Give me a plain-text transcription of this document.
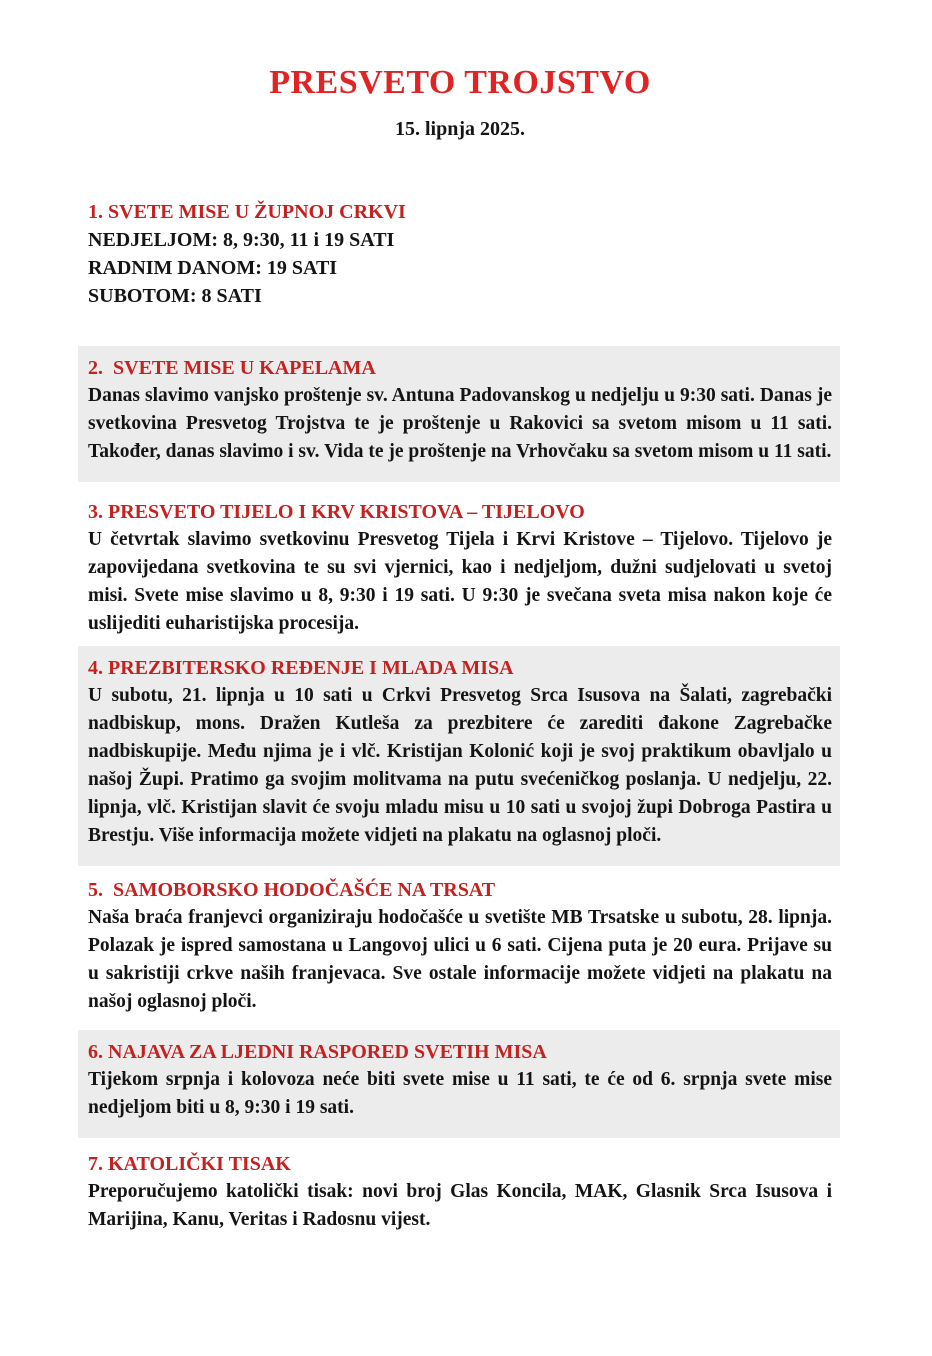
PRESVETO TROJSTVO
15. lipnja 2025.
1. SVETE MISE U ŽUPNOJ CRKVI
NEDJELJOM: 8, 9:30, 11 i 19 SATI
RADNIM DANOM: 19 SATI
SUBOTOM: 8 SATI
2.  SVETE MISE U KAPELAMA

Danas slavimo vanjsko proštenje sv. Antuna Padovanskog u nedjelju u 9:30 sati. Danas je svetkovina Presvetog Trojstva te je proštenje u Rakovici sa svetom misom u 11 sati. Također, danas slavimo i sv. Vida te je proštenje na Vrhovčaku sa svetom misom u 11 sati.

3. PRESVETO TIJELO I KRV KRISTOVA – TIJELOVO

U četvrtak slavimo svetkovinu Presvetog Tijela i Krvi Kristove – Tijelovo. Tijelovo je zapovijedana svetkovina te su svi vjernici, kao i nedjeljom, dužni sudjelovati u svetoj misi. Svete mise slavimo u 8, 9:30 i 19 sati. U 9:30 je svečana sveta misa nakon koje će uslijediti euharistijska procesija.

4. PREZBITERSKO REĐENJE I MLADA MISA

U subotu, 21. lipnja u 10 sati u Crkvi Presvetog Srca Isusova na Šalati, zagrebački nadbiskup, mons. Dražen Kutleša za prezbitere će zarediti đakone Zagrebačke nadbiskupije. Među njima je i vlč. Kristijan Kolonić koji je svoj praktikum obavljalo u našoj Župi. Pratimo ga svojim molitvama na putu svećeničkog poslanja. U nedjelju, 22. lipnja, vlč. Kristijan slavit će svoju mladu misu u 10 sati u svojoj župi Dobroga Pastira u Brestju. Više informacija možete vidjeti na plakatu na oglasnoj ploči.

5.  SAMOBORSKO HODOČAŠĆE NA TRSAT

Naša braća franjevci organiziraju hodočašće u svetište MB Trsatske u subotu, 28. lipnja. Polazak je ispred samostana u Langovoj ulici u 6 sati. Cijena puta je 20 eura. Prijave su u sakristiji crkve naših franjevaca. Sve ostale informacije možete vidjeti na plakatu na našoj oglasnoj ploči.

6. NAJAVA ZA LJEDNI RASPORED SVETIH MISA

Tijekom srpnja i kolovoza neće biti svete mise u 11 sati, te će od 6. srpnja svete mise nedjeljom biti u 8, 9:30 i 19 sati.

7. KATOLIČKI TISAK

Preporučujemo katolički tisak: novi broj Glas Koncila, MAK, Glasnik Srca Isusova i Marijina, Kanu, Veritas i Radosnu vijest.
